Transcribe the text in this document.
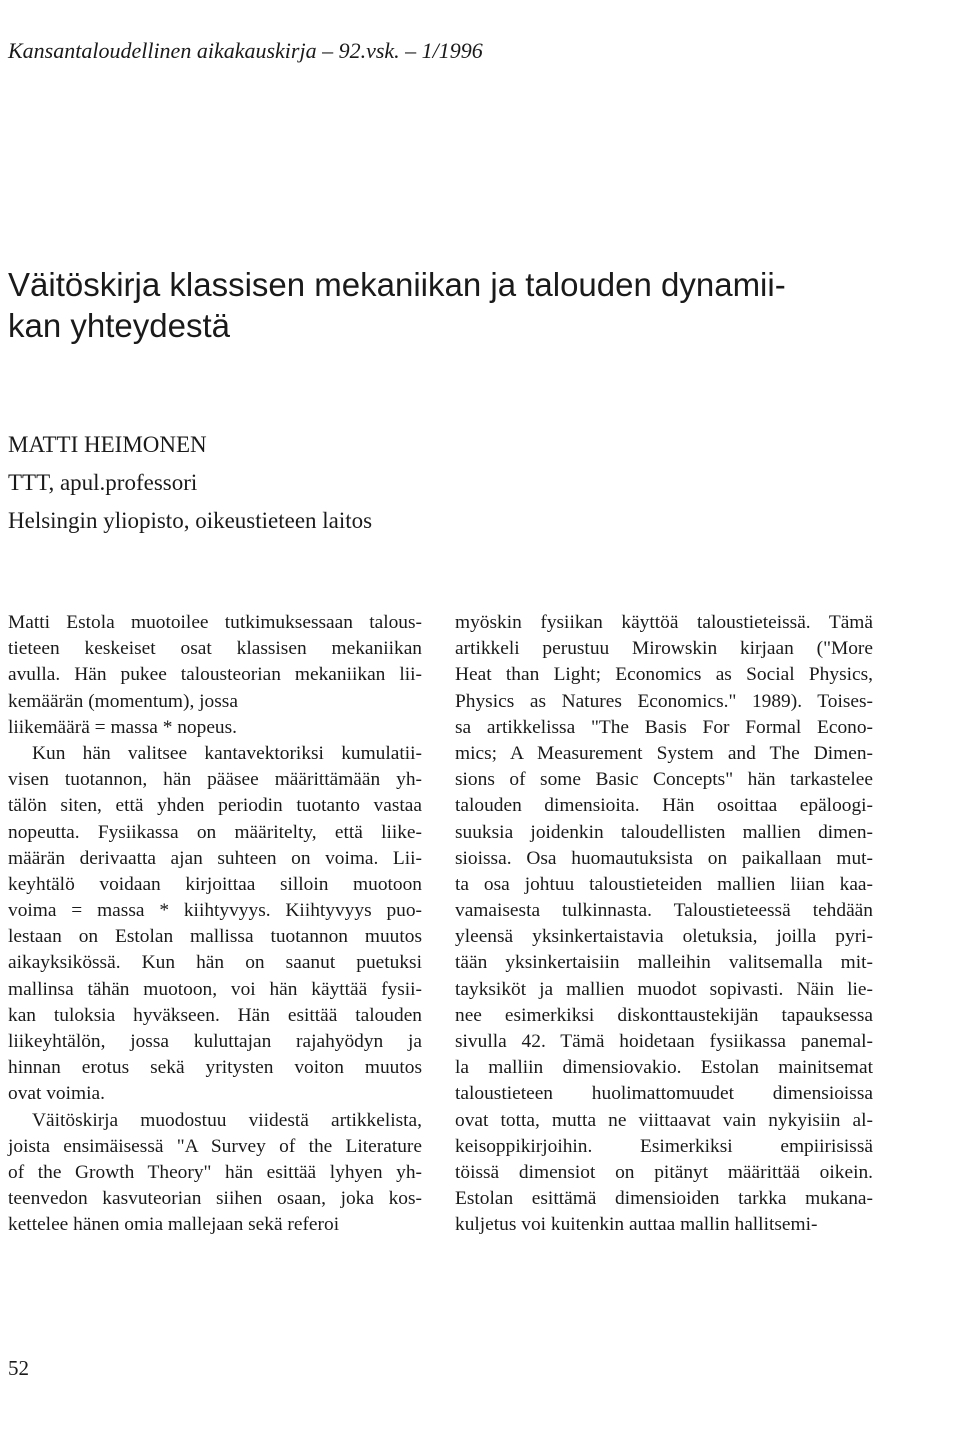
Kansantaloudellinen aikakauskirja – 92.vsk. – 1/1996
Väitöskirja klassisen mekaniikan ja talouden dynamii-
kan yhteydestä
MATTI HEIMONEN
TTT, apul.professori
Helsingin yliopisto, oikeustieteen laitos
Matti Estola muotoilee tutkimuksessaan talous-
tieteen keskeiset osat klassisen mekaniikan
avulla. Hän pukee talousteorian mekaniikan lii-
kemäärän (momentum), jossa
liikemäärä = massa * nopeus.
Kun hän valitsee kantavektoriksi kumulatii-
visen tuotannon, hän pääsee määrittämään yh-
tälön siten, että yhden periodin tuotanto vastaa
nopeutta. Fysiikassa on määritelty, että liike-
määrän derivaatta ajan suhteen on voima. Lii-
keyhtälö voidaan kirjoittaa silloin muotoon
voima = massa * kiihtyvyys. Kiihtyvyys puo-
lestaan on Estolan mallissa tuotannon muutos
aikayksikössä. Kun hän on saanut puetuksi
mallinsa tähän muotoon, voi hän käyttää fysii-
kan tuloksia hyväkseen. Hän esittää talouden
liikeyhtälön, jossa kuluttajan rajahyödyn ja
hinnan erotus sekä yritysten voiton muutos
ovat voimia.
Väitöskirja muodostuu viidestä artikkelista,
joista ensimäisessä "A Survey of the Literature
of the Growth Theory" hän esittää lyhyen yh-
teenvedon kasvuteorian siihen osaan, joka kos-
kettelee hänen omia mallejaan sekä referoi
myöskin fysiikan käyttöä taloustieteissä. Tämä
artikkeli perustuu Mirowskin kirjaan ("More
Heat than Light; Economics as Social Physics,
Physics as Natures Economics." 1989). Toises-
sa artikkelissa "The Basis For Formal Econo-
mics; A Measurement System and The Dimen-
sions of some Basic Concepts" hän tarkastelee
talouden dimensioita. Hän osoittaa epäloogi-
suuksia joidenkin taloudellisten mallien dimen-
sioissa. Osa huomautuksista on paikallaan mut-
ta osa johtuu taloustieteiden mallien liian kaa-
vamaisesta tulkinnasta. Taloustieteessä tehdään
yleensä yksinkertaistavia oletuksia, joilla pyri-
tään yksinkertaisiin malleihin valitsemalla mit-
tayksiköt ja mallien muodot sopivasti. Näin lie-
nee esimerkiksi diskonttaustekijän tapauksessa
sivulla 42. Tämä hoidetaan fysiikassa panemal-
la malliin dimensiovakio. Estolan mainitsemat
taloustieteen huolimattomuudet dimensioissa
ovat totta, mutta ne viittaavat vain nykyisiin al-
keisoppikirjoihin. Esimerkiksi empiirisissä
töissä dimensiot on pitänyt määrittää oikein.
Estolan esittämä dimensioiden tarkka mukana-
kuljetus voi kuitenkin auttaa mallin hallitsemi-
52
